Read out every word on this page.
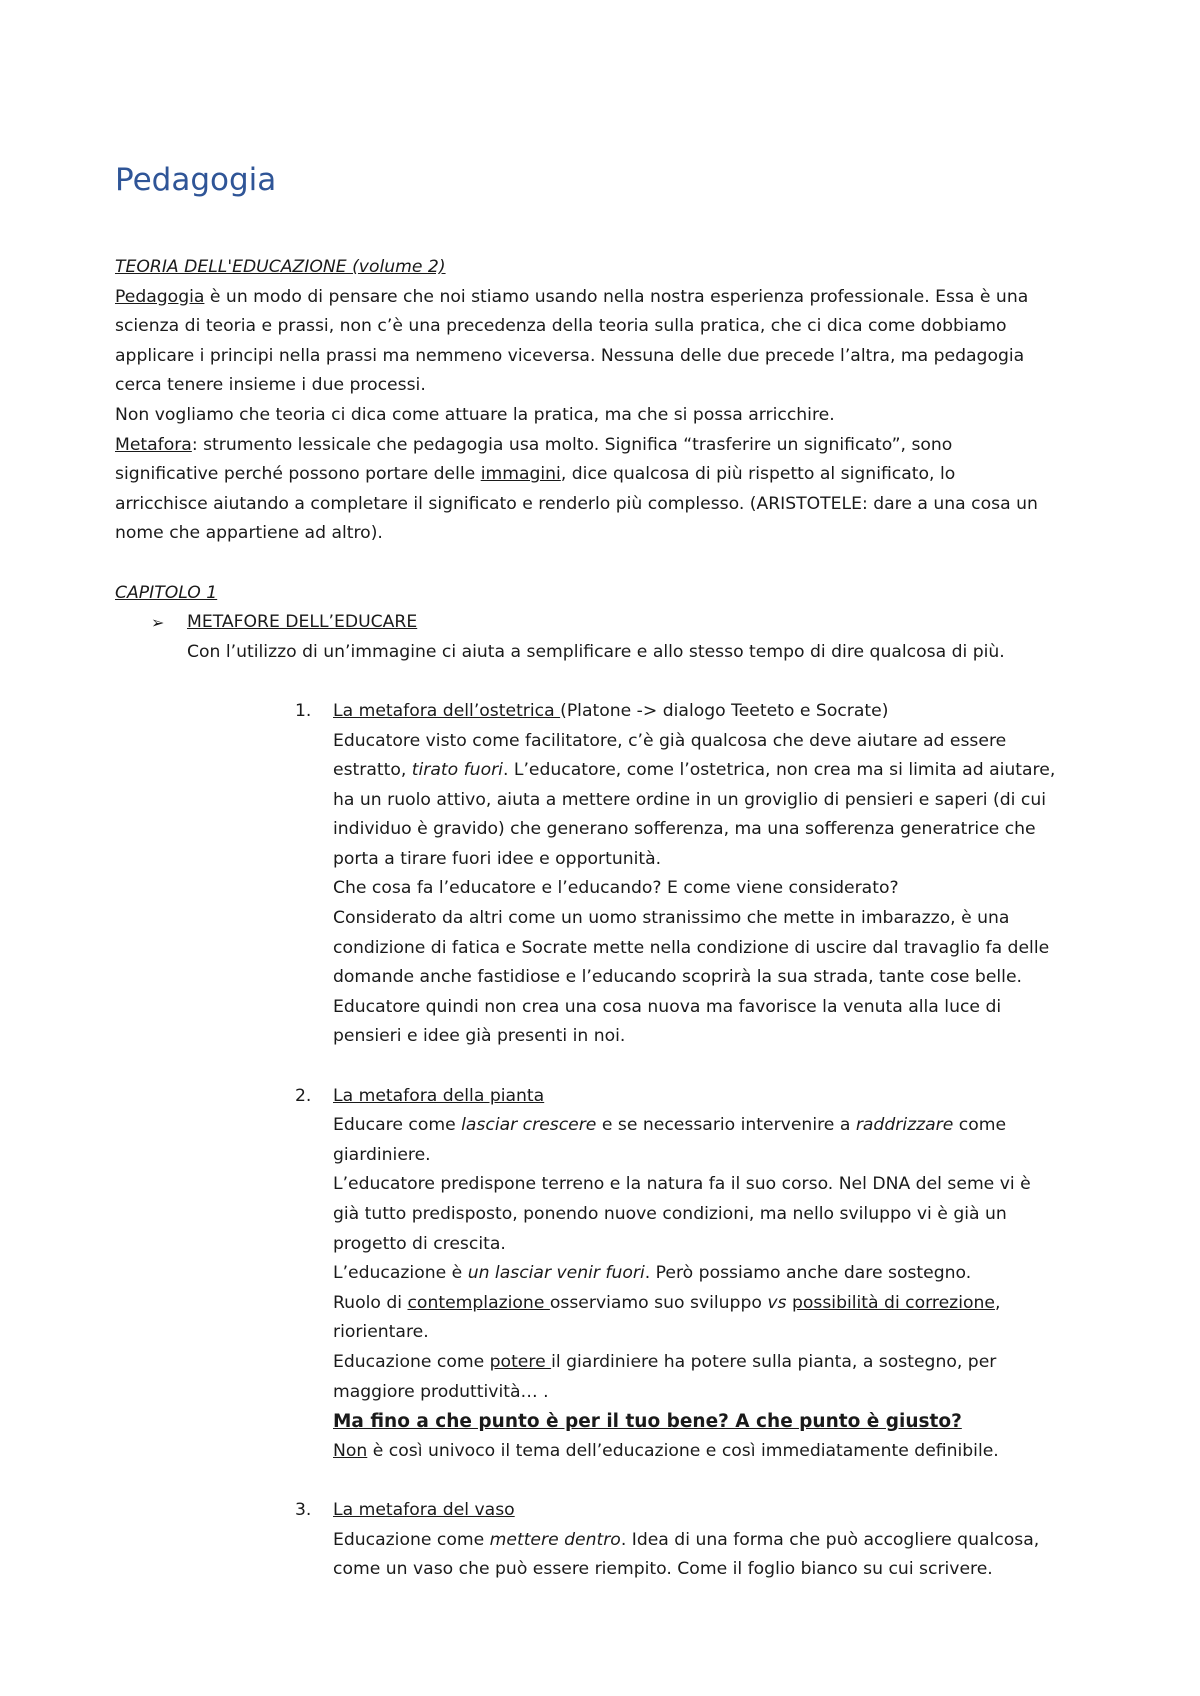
Pedagogia
TEORIA DELL'EDUCAZIONE (volume 2)
Pedagogia è un modo di pensare che noi stiamo usando nella nostra esperienza professionale. Essa è una
scienza di teoria e prassi, non c’è una precedenza della teoria sulla pratica, che ci dica come dobbiamo
applicare i principi nella prassi ma nemmeno viceversa. Nessuna delle due precede l’altra, ma pedagogia
cerca tenere insieme i due processi.
Non vogliamo che teoria ci dica come attuare la pratica, ma che si possa arricchire.
Metafora: strumento lessicale che pedagogia usa molto. Significa “trasferire un significato”, sono
significative perché possono portare delle immagini, dice qualcosa di più rispetto al significato, lo
arricchisce aiutando a completare il significato e renderlo più complesso. (ARISTOTELE: dare a una cosa un
nome che appartiene ad altro).
CAPITOLO 1
➢	METAFORE DELL’EDUCARE
Con l’utilizzo di un’immagine ci aiuta a semplificare e allo stesso tempo di dire qualcosa di più.
1.	La metafora dell’ostetrica (Platone -> dialogo Teeteto e Socrate)
Educatore visto come facilitatore, c’è già qualcosa che deve aiutare ad essere
estratto, tirato fuori. L’educatore, come l’ostetrica, non crea ma si limita ad aiutare,
ha un ruolo attivo, aiuta a mettere ordine in un groviglio di pensieri e saperi (di cui
individuo è gravido) che generano sofferenza, ma una sofferenza generatrice che
porta a tirare fuori idee e opportunità.
Che cosa fa l’educatore e l’educando? E come viene considerato?
Considerato da altri come un uomo stranissimo che mette in imbarazzo, è una
condizione di fatica e Socrate mette nella condizione di uscire dal travaglio fa delle
domande anche fastidiose e l’educando scoprirà la sua strada, tante cose belle.
Educatore quindi non crea una cosa nuova ma favorisce la venuta alla luce di
pensieri e idee già presenti in noi.
2.	La metafora della pianta
Educare come lasciar crescere e se necessario intervenire a raddrizzare come
giardiniere.
L’educatore predispone terreno e la natura fa il suo corso. Nel DNA del seme vi è
già tutto predisposto, ponendo nuove condizioni, ma nello sviluppo vi è già un
progetto di crescita.
L’educazione è un lasciar venir fuori. Però possiamo anche dare sostegno.
Ruolo di contemplazione osserviamo suo sviluppo vs possibilità di correzione,
riorientare.
Educazione come potere il giardiniere ha potere sulla pianta, a sostegno, per
maggiore produttività… .
Ma fino a che punto è per il tuo bene? A che punto è giusto?
Non è così univoco il tema dell’educazione e così immediatamente definibile.
3.	La metafora del vaso
Educazione come mettere dentro. Idea di una forma che può accogliere qualcosa,
come un vaso che può essere riempito. Come il foglio bianco su cui scrivere.
